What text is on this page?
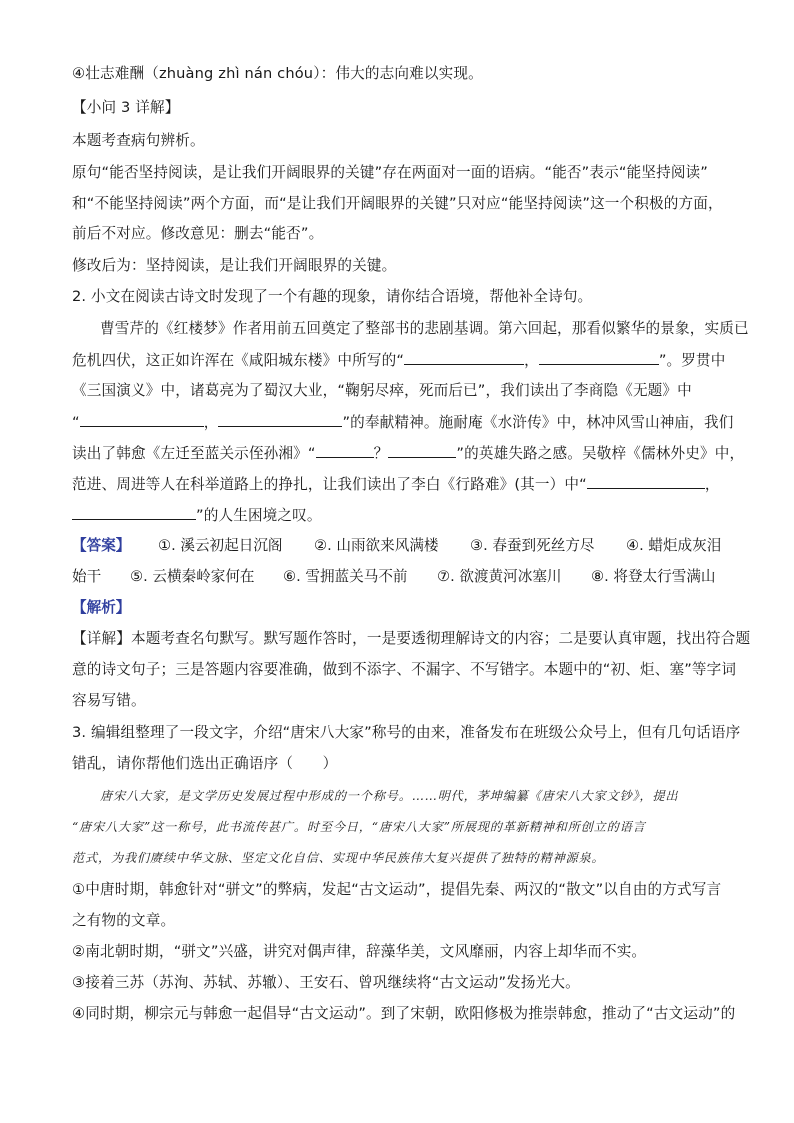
④壮志难酬（zhuàng zhì nán chóu）：伟大的志向难以实现。
【小问 3 详解】
本题考查病句辨析。
原句“能否坚持阅读，是让我们开阔眼界的关键”存在两面对一面的语病。“能否”表示“能坚持阅读”
和“不能坚持阅读”两个方面，而“是让我们开阔眼界的关键”只对应“能坚持阅读”这一个积极的方面，
前后不对应。修改意见：删去“能否”。
修改后为：坚持阅读，是让我们开阔眼界的关键。
2. 小文在阅读古诗文时发现了一个有趣的现象，请你结合语境，帮他补全诗句。
曹雪芹的《红楼梦》作者用前五回奠定了整部书的悲剧基调。第六回起，那看似繁华的景象，实质已
危机四伏，这正如许浑在《咸阳城东楼》中所写的“	，	”。罗贯中
《三国演义》中，诸葛亮为了蜀汉大业，“鞠躬尽瘁，死而后已”，我们读出了李商隐《无题》中
“	，	”的奉献精神。施耐庵《水浒传》中，林冲风雪山神庙，我们
读出了韩愈《左迁至蓝关示侄孙湘》“	？	”的英雄失路之感。吴敬梓《儒林外史》中，
范进、周进等人在科举道路上的挣扎，让我们读出了李白《行路难》(其一）中“	，
”的人生困境之叹。
【答案】 ①. 溪云初起日沉阁 ②. 山雨欲来风满楼 ③. 春蚕到死丝方尽 ④. 蜡炬成灰泪
始干 ⑤. 云横秦岭家何在 ⑥. 雪拥蓝关马不前 ⑦. 欲渡黄河冰塞川 ⑧. 将登太行雪满山
【解析】
【详解】本题考查名句默写。默写题作答时，一是要透彻理解诗文的内容；二是要认真审题，找出符合题
意的诗文句子；三是答题内容要准确，做到不添字、不漏字、不写错字。本题中的“初、炬、塞”等字词
容易写错。
3. 编辑组整理了一段文字，介绍“唐宋八大家”称号的由来，准备发布在班级公众号上，但有几句话语序
错乱，请你帮他们选出正确语序（　　）
唐宋八大家，是文学历史发展过程中形成的一个称号。……明代，茅坤编纂《唐宋八大家文钞》，提出
“唐宋八大家”这一称号，此书流传甚广。时至今日，“唐宋八大家”所展现的革新精神和所创立的语言
范式，为我们赓续中华文脉、坚定文化自信、实现中华民族伟大复兴提供了独特的精神源泉。
①中唐时期，韩愈针对“骈文”的弊病，发起“古文运动”，提倡先秦、两汉的“散文”以自由的方式写言
之有物的文章。
②南北朝时期，“骈文”兴盛，讲究对偶声律，辞藻华美，文风靡丽，内容上却华而不实。
③接着三苏（苏洵、苏轼、苏辙）、王安石、曾巩继续将“古文运动”发扬光大。
④同时期，柳宗元与韩愈一起倡导“古文运动”。到了宋朝，欧阳修极为推崇韩愈，推动了“古文运动”的
